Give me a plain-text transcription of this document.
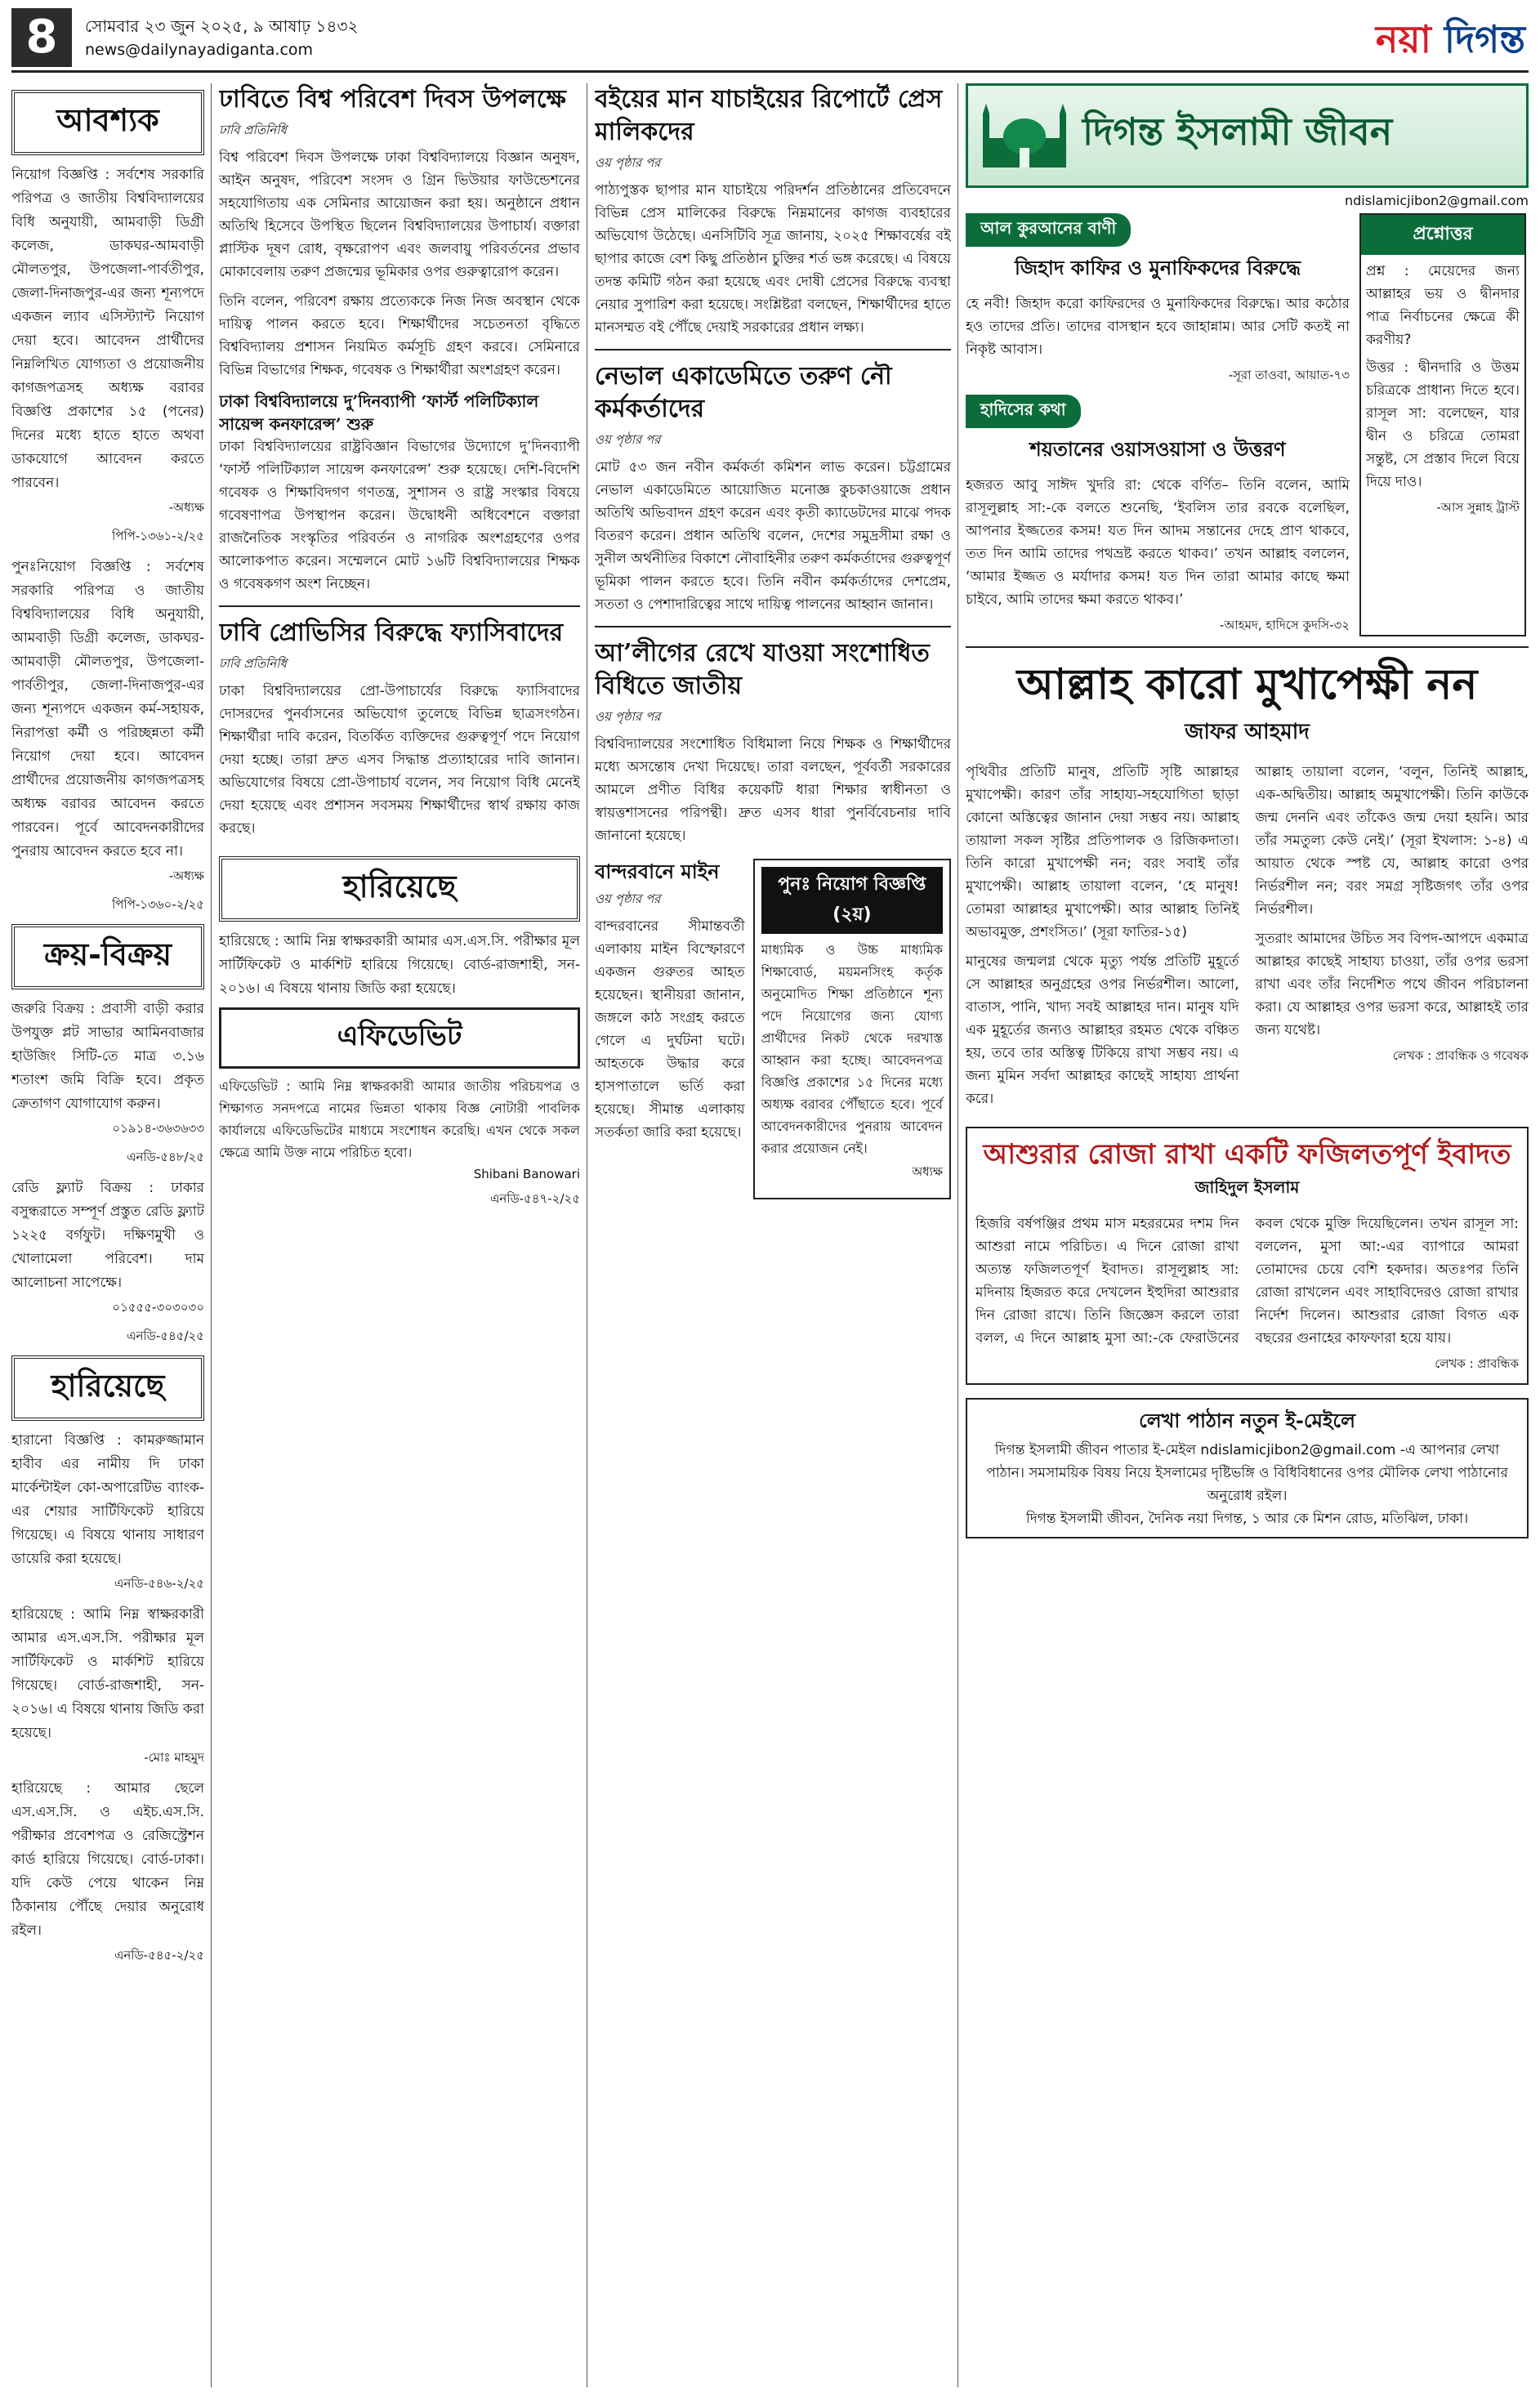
8	সোমবার ২৩ জুন ২০২৫, ৯ আষাঢ় ১৪৩২
news@dailynayadiganta.com	নয়া দিগন্ত
আবশ্যক
নিয়োগ বিজ্ঞপ্তি : সর্বশেষ সরকারি পরিপত্র ও জাতীয় বিশ্ববিদ্যালয়ের বিধি অনুযায়ী, আমবাড়ী ডিগ্রী কলেজ, ডাকঘর-আমবাড়ী মৌলতপুর, উপজেলা-পার্বতীপুর, জেলা-দিনাজপুর-এর জন্য শূন্যপদে একজন ল্যাব এসিস্ট্যান্ট নিয়োগ দেয়া হবে। আবেদন প্রার্থীদের নিম্নলিখিত যোগ্যতা ও প্রয়োজনীয় কাগজপত্রসহ অধ্যক্ষ বরাবর বিজ্ঞপ্তি প্রকাশের ১৫ (পনের) দিনের মধ্যে হাতে হাতে অথবা ডাকযোগে আবেদন করতে পারবেন।
-অধ্যক্ষ
পিপি-১৩৬১-২/২৫
পুনঃনিয়োগ বিজ্ঞপ্তি : সর্বশেষ সরকারি পরিপত্র ও জাতীয় বিশ্ববিদ্যালয়ের বিধি অনুযায়ী, আমবাড়ী ডিগ্রী কলেজ, ডাকঘর-আমবাড়ী মৌলতপুর, উপজেলা-পার্বতীপুর, জেলা-দিনাজপুর-এর জন্য শূন্যপদে একজন কর্ম-সহায়ক, নিরাপত্তা কর্মী ও পরিচ্ছন্নতা কর্মী নিয়োগ দেয়া হবে। আবেদন প্রার্থীদের প্রয়োজনীয় কাগজপত্রসহ অধ্যক্ষ বরাবর আবেদন করতে পারবেন। পূর্বে আবেদনকারীদের পুনরায় আবেদন করতে হবে না।
-অধ্যক্ষ
পিপি-১৩৬০-২/২৫
ক্রয়-বিক্রয়
জরুরি বিক্রয় : প্রবাসী বাড়ী করার উপযুক্ত প্লট সাভার আমিনবাজার হাউজিং সিটি-তে মাত্র ৩.১৬ শতাংশ জমি বিক্রি হবে। প্রকৃত ক্রেতাগণ যোগাযোগ করুন।
০১৯১৪-৩৬৩৬৩৩
এনডি-৫৪৮/২৫
রেডি ফ্ল্যাট বিক্রয় : ঢাকার বসুন্ধরাতে সম্পূর্ণ প্রস্তুত রেডি ফ্ল্যাট ১২২৫ বর্গফুট। দক্ষিণমুখী ও খোলামেলা পরিবেশ। দাম আলোচনা সাপেক্ষে।
০১৫৫৫-৩০৩০৩০
এনডি-৫৪৫/২৫
হারিয়েছে
হারানো বিজ্ঞপ্তি : কামরুজ্জামান হাবীব এর নামীয় দি ঢাকা মার্কেন্টাইল কো-অপারেটিভ ব্যাংক-এর শেয়ার সার্টিফিকেট হারিয়ে গিয়েছে। এ বিষয়ে থানায় সাধারণ ডায়েরি করা হয়েছে।
এনডি-৫৪৬-২/২৫
হারিয়েছে : আমি নিম্ন স্বাক্ষরকারী আমার এস.এস.সি. পরীক্ষার মূল সার্টিফিকেট ও মার্কশিট হারিয়ে গিয়েছে। বোর্ড-রাজশাহী, সন- ২০১৬। এ বিষয়ে থানায় জিডি করা হয়েছে।
-মোঃ মাহমুদ
হারিয়েছে : আমার ছেলে এস.এস.সি. ও এইচ.এস.সি. পরীক্ষার প্রবেশপত্র ও রেজিস্ট্রেশন কার্ড হারিয়ে গিয়েছে। বোর্ড-ঢাকা। যদি কেউ পেয়ে থাকেন নিম্ন ঠিকানায় পৌঁছে দেয়ার অনুরোধ রইল।
এনডি-৫৪৫-২/২৫
ঢাবিতে বিশ্ব পরিবেশ দিবস উপলক্ষে
ঢাবি প্রতিনিধি
বিশ্ব পরিবেশ দিবস উপলক্ষে ঢাকা বিশ্ববিদ্যালয়ে বিজ্ঞান অনুষদ, আইন অনুষদ, পরিবেশ সংসদ ও গ্রিন ভিউয়ার ফাউন্ডেশনের সহযোগিতায় এক সেমিনার আয়োজন করা হয়। অনুষ্ঠানে প্রধান অতিথি হিসেবে উপস্থিত ছিলেন বিশ্ববিদ্যালয়ের উপাচার্য। বক্তারা প্লাস্টিক দূষণ রোধ, বৃক্ষরোপণ এবং জলবায়ু পরিবর্তনের প্রভাব মোকাবেলায় তরুণ প্রজন্মের ভূমিকার ওপর গুরুত্বারোপ করেন।
তিনি বলেন, পরিবেশ রক্ষায় প্রত্যেককে নিজ নিজ অবস্থান থেকে দায়িত্ব পালন করতে হবে। শিক্ষার্থীদের সচেতনতা বৃদ্ধিতে বিশ্ববিদ্যালয় প্রশাসন নিয়মিত কর্মসূচি গ্রহণ করবে। সেমিনারে বিভিন্ন বিভাগের শিক্ষক, গবেষক ও শিক্ষার্থীরা অংশগ্রহণ করেন।
ঢাকা বিশ্ববিদ্যালয়ে দু’দিনব্যাপী ‘ফার্স্ট পলিটিক্যাল সায়েন্স কনফারেন্স’ শুরু
ঢাকা বিশ্ববিদ্যালয়ের রাষ্ট্রবিজ্ঞান বিভাগের উদ্যোগে দু’দিনব্যাপী ‘ফার্স্ট পলিটিক্যাল সায়েন্স কনফারেন্স’ শুরু হয়েছে। দেশি-বিদেশি গবেষক ও শিক্ষাবিদগণ গণতন্ত্র, সুশাসন ও রাষ্ট্র সংস্কার বিষয়ে গবেষণাপত্র উপস্থাপন করেন। উদ্বোধনী অধিবেশনে বক্তারা রাজনৈতিক সংস্কৃতির পরিবর্তন ও নাগরিক অংশগ্রহণের ওপর আলোকপাত করেন। সম্মেলনে মোট ১৬টি বিশ্ববিদ্যালয়ের শিক্ষক ও গবেষকগণ অংশ নিচ্ছেন।
ঢাবি প্রোভিসির বিরুদ্ধে ফ্যাসিবাদের
ঢাবি প্রতিনিধি
ঢাকা বিশ্ববিদ্যালয়ের প্রো-উপাচার্যের বিরুদ্ধে ফ্যাসিবাদের দোসরদের পুনর্বাসনের অভিযোগ তুলেছে বিভিন্ন ছাত্রসংগঠন। শিক্ষার্থীরা দাবি করেন, বিতর্কিত ব্যক্তিদের গুরুত্বপূর্ণ পদে নিয়োগ দেয়া হচ্ছে। তারা দ্রুত এসব সিদ্ধান্ত প্রত্যাহারের দাবি জানান। অভিযোগের বিষয়ে প্রো-উপাচার্য বলেন, সব নিয়োগ বিধি মেনেই দেয়া হয়েছে এবং প্রশাসন সবসময় শিক্ষার্থীদের স্বার্থ রক্ষায় কাজ করছে।
হারিয়েছে
হারিয়েছে : আমি নিম্ন স্বাক্ষরকারী আমার এস.এস.সি. পরীক্ষার মূল সার্টিফিকেট ও মার্কশিট হারিয়ে গিয়েছে। বোর্ড-রাজশাহী, সন- ২০১৬। এ বিষয়ে থানায় জিডি করা হয়েছে।
এফিডেভিট
এফিডেভিট : আমি নিম্ন স্বাক্ষরকারী আমার জাতীয় পরিচয়পত্র ও শিক্ষাগত সনদপত্রে নামের ভিন্নতা থাকায় বিজ্ঞ নোটারী পাবলিক কার্যালয়ে এফিডেভিটের মাধ্যমে সংশোধন করেছি। এখন থেকে সকল ক্ষেত্রে আমি উক্ত নামে পরিচিত হবো।
Shibani Banowari
এনডি-৫৪৭-২/২৫
বইয়ের মান যাচাইয়ের রিপোর্টে প্রেস মালিকদের
ওয় পৃষ্ঠার পর
পাঠ্যপুস্তক ছাপার মান যাচাইয়ে পরিদর্শন প্রতিষ্ঠানের প্রতিবেদনে বিভিন্ন প্রেস মালিকের বিরুদ্ধে নিম্নমানের কাগজ ব্যবহারের অভিযোগ উঠেছে। এনসিটিবি সূত্র জানায়, ২০২৫ শিক্ষাবর্ষের বই ছাপার কাজে বেশ কিছু প্রতিষ্ঠান চুক্তির শর্ত ভঙ্গ করেছে। এ বিষয়ে তদন্ত কমিটি গঠন করা হয়েছে এবং দোষী প্রেসের বিরুদ্ধে ব্যবস্থা নেয়ার সুপারিশ করা হয়েছে। সংশ্লিষ্টরা বলছেন, শিক্ষার্থীদের হাতে মানসম্মত বই পৌঁছে দেয়াই সরকারের প্রধান লক্ষ্য।
নেভাল একাডেমিতে তরুণ নৌ কর্মকর্তাদের
ওয় পৃষ্ঠার পর
মোট ৫৩ জন নবীন কর্মকর্তা কমিশন লাভ করেন। চট্টগ্রামের নেভাল একাডেমিতে আয়োজিত মনোজ্ঞ কুচকাওয়াজে প্রধান অতিথি অভিবাদন গ্রহণ করেন এবং কৃতী ক্যাডেটদের মাঝে পদক বিতরণ করেন। প্রধান অতিথি বলেন, দেশের সমুদ্রসীমা রক্ষা ও সুনীল অর্থনীতির বিকাশে নৌবাহিনীর তরুণ কর্মকর্তাদের গুরুত্বপূর্ণ ভূমিকা পালন করতে হবে। তিনি নবীন কর্মকর্তাদের দেশপ্রেম, সততা ও পেশাদারিত্বের সাথে দায়িত্ব পালনের আহ্বান জানান।
আ’লীগের রেখে যাওয়া সংশোধিত বিধিতে জাতীয়
ওয় পৃষ্ঠার পর
বিশ্ববিদ্যালয়ের সংশোধিত বিধিমালা নিয়ে শিক্ষক ও শিক্ষার্থীদের মধ্যে অসন্তোষ দেখা দিয়েছে। তারা বলছেন, পূর্ববর্তী সরকারের আমলে প্রণীত বিধির কয়েকটি ধারা শিক্ষার স্বাধীনতা ও স্বায়ত্তশাসনের পরিপন্থী। দ্রুত এসব ধারা পুনর্বিবেচনার দাবি জানানো হয়েছে।
বান্দরবানে মাইন
ওয় পৃষ্ঠার পর
বান্দরবানের সীমান্তবর্তী এলাকায় মাইন বিস্ফোরণে একজন গুরুতর আহত হয়েছেন। স্থানীয়রা জানান, জঙ্গলে কাঠ সংগ্রহ করতে গেলে এ দুর্ঘটনা ঘটে। আহতকে উদ্ধার করে হাসপাতালে ভর্তি করা হয়েছে। সীমান্ত এলাকায় সতর্কতা জারি করা হয়েছে।
পুনঃ নিয়োগ বিজ্ঞপ্তি (২য়)
মাধ্যমিক ও উচ্চ মাধ্যমিক শিক্ষাবোর্ড, ময়মনসিংহ কর্তৃক অনুমোদিত শিক্ষা প্রতিষ্ঠানে শূন্য পদে নিয়োগের জন্য যোগ্য প্রার্থীদের নিকট থেকে দরখাস্ত আহ্বান করা হচ্ছে। আবেদনপত্র বিজ্ঞপ্তি প্রকাশের ১৫ দিনের মধ্যে অধ্যক্ষ বরাবর পৌঁছাতে হবে। পূর্বে আবেদনকারীদের পুনরায় আবেদন করার প্রয়োজন নেই।
অধ্যক্ষ
দিগন্ত ইসলামী জীবন
ndislamicjibon2@gmail.com
আল কুরআনের বাণী
জিহাদ কাফির ও মুনাফিকদের বিরুদ্ধে
হে নবী! জিহাদ করো কাফিরদের ও মুনাফিকদের বিরুদ্ধে। আর কঠোর হও তাদের প্রতি। তাদের বাসস্থান হবে জাহান্নাম। আর সেটি কতই না নিকৃষ্ট আবাস।
-সূরা তাওবা, আয়াত-৭৩
হাদিসের কথা
শয়তানের ওয়াসওয়াসা ও উত্তরণ
হজরত আবু সাঈদ খুদরি রা: থেকে বর্ণিত– তিনি বলেন, আমি রাসূলুল্লাহ সা:-কে বলতে শুনেছি, ‘ইবলিস তার রবকে বলেছিল, আপনার ইজ্জতের কসম! যত দিন আদম সন্তানের দেহে প্রাণ থাকবে, তত দিন আমি তাদের পথভ্রষ্ট করতে থাকব।’ তখন আল্লাহ বললেন, ‘আমার ইজ্জত ও মর্যাদার কসম! যত দিন তারা আমার কাছে ক্ষমা চাইবে, আমি তাদের ক্ষমা করতে থাকব।’
-আহমদ, হাদিসে কুদসি-৩২
প্রশ্নোত্তর
প্রশ্ন : মেয়েদের জন্য আল্লাহর ভয় ও দ্বীনদার পাত্র নির্বাচনের ক্ষেত্রে কী করণীয়?
উত্তর : দ্বীনদারি ও উত্তম চরিত্রকে প্রাধান্য দিতে হবে। রাসূল সা: বলেছেন, যার দ্বীন ও চরিত্রে তোমরা সন্তুষ্ট, সে প্রস্তাব দিলে বিয়ে দিয়ে দাও।
-আস সুন্নাহ ট্রাস্ট
আল্লাহ কারো মুখাপেক্ষী নন
জাফর আহমাদ
পৃথিবীর প্রতিটি মানুষ, প্রতিটি সৃষ্টি আল্লাহর মুখাপেক্ষী। কারণ তাঁর সাহায্য-সহযোগিতা ছাড়া কোনো অস্তিত্বের জানান দেয়া সম্ভব নয়। আল্লাহ তায়ালা সকল সৃষ্টির প্রতিপালক ও রিজিকদাতা। তিনি কারো মুখাপেক্ষী নন; বরং সবাই তাঁর মুখাপেক্ষী। আল্লাহ তায়ালা বলেন, ‘হে মানুষ! তোমরা আল্লাহর মুখাপেক্ষী। আর আল্লাহ তিনিই অভাবমুক্ত, প্রশংসিত।’ (সূরা ফাতির-১৫)
মানুষের জন্মলগ্ন থেকে মৃত্যু পর্যন্ত প্রতিটি মুহূর্তে সে আল্লাহর অনুগ্রহের ওপর নির্ভরশীল। আলো, বাতাস, পানি, খাদ্য সবই আল্লাহর দান। মানুষ যদি এক মুহূর্তের জন্যও আল্লাহর রহমত থেকে বঞ্চিত হয়, তবে তার অস্তিত্ব টিকিয়ে রাখা সম্ভব নয়। এ জন্য মুমিন সর্বদা আল্লাহর কাছেই সাহায্য প্রার্থনা করে।
আল্লাহ তায়ালা বলেন, ‘বলুন, তিনিই আল্লাহ, এক-অদ্বিতীয়। আল্লাহ অমুখাপেক্ষী। তিনি কাউকে জন্ম দেননি এবং তাঁকেও জন্ম দেয়া হয়নি। আর তাঁর সমতুল্য কেউ নেই।’ (সূরা ইখলাস: ১-৪) এ আয়াত থেকে স্পষ্ট যে, আল্লাহ কারো ওপর নির্ভরশীল নন; বরং সমগ্র সৃষ্টিজগৎ তাঁর ওপর নির্ভরশীল।
সুতরাং আমাদের উচিত সব বিপদ-আপদে একমাত্র আল্লাহর কাছেই সাহায্য চাওয়া, তাঁর ওপর ভরসা রাখা এবং তাঁর নির্দেশিত পথে জীবন পরিচালনা করা। যে আল্লাহর ওপর ভরসা করে, আল্লাহই তার জন্য যথেষ্ট।
লেখক : প্রাবন্ধিক ও গবেষক
আশুরার রোজা রাখা একটি ফজিলতপূর্ণ ইবাদত
জাহিদুল ইসলাম
হিজরি বর্ষপঞ্জির প্রথম মাস মহররমের দশম দিন আশুরা নামে পরিচিত। এ দিনে রোজা রাখা অত্যন্ত ফজিলতপূর্ণ ইবাদত। রাসূলুল্লাহ সা: মদিনায় হিজরত করে দেখলেন ইহুদিরা আশুরার দিন রোজা রাখে। তিনি জিজ্ঞেস করলে তারা বলল, এ দিনে আল্লাহ মুসা আ:-কে ফেরাউনের কবল থেকে মুক্তি দিয়েছিলেন। তখন রাসূল সা: বললেন, মুসা আ:-এর ব্যাপারে আমরা তোমাদের চেয়ে বেশি হকদার। অতঃপর তিনি রোজা রাখলেন এবং সাহাবিদেরও রোজা রাখার নির্দেশ দিলেন। আশুরার রোজা বিগত এক বছরের গুনাহের কাফফারা হয়ে যায়।
লেখক : প্রাবন্ধিক
লেখা পাঠান নতুন ই-মেইলে
দিগন্ত ইসলামী জীবন পাতার ই-মেইল ndislamicjibon2@gmail.com -এ আপনার লেখা পাঠান। সমসাময়িক বিষয় নিয়ে ইসলামের দৃষ্টিভঙ্গি ও বিধিবিধানের ওপর মৌলিক লেখা পাঠানোর অনুরোধ রইল।
দিগন্ত ইসলামী জীবন, দৈনিক নয়া দিগন্ত, ১ আর কে মিশন রোড, মতিঝিল, ঢাকা।
